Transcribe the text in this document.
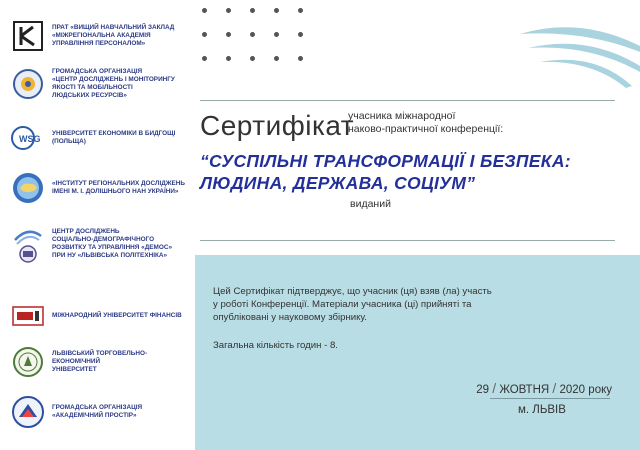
ПРАТ «ВИЩИЙ НАВЧАЛЬНИЙ ЗАКЛАД
«МІЖРЕГІОНАЛЬНА АКАДЕМІЯ
УПРАВЛІННЯ ПЕРСОНАЛОМ»
ГРОМАДСЬКА ОРГАНІЗАЦІЯ
«ЦЕНТР ДОСЛІДЖЕНЬ І МОНІТОРИНГУ
ЯКОСТІ ТА МОБІЛЬНОСТІ
ЛЮДСЬКИХ РЕСУРСІВ»
WSG
УНІВЕРСИТЕТ ЕКОНОМІКИ В БИДГОЩІ
(ПОЛЬЩА)
«ІНСТИТУТ РЕГІОНАЛЬНИХ ДОСЛІДЖЕНЬ
ІМЕНІ М. І. ДОЛІШНЬОГО НАН УКРАЇНИ»
ЦЕНТР ДОСЛІДЖЕНЬ
СОЦІАЛЬНО-ДЕМОГРАФІЧНОГО
РОЗВИТКУ ТА УПРАВЛІННЯ «ДЕМОС»
ПРИ НУ «ЛЬВІВСЬКА ПОЛІТЕХНІКА»
МІЖНАРОДНИЙ УНІВЕРСИТЕТ ФІНАНСІВ
ЛЬВІВСЬКИЙ ТОРГОВЕЛЬНО-ЕКОНОМІЧНИЙ
УНІВЕРСИТЕТ
ГРОМАДСЬКА ОРГАНІЗАЦІЯ
«АКАДЕМІЧНИЙ ПРОСТІР»
Сертифікат
учасника міжнародної
наково-практичної конференції:
“СУСПІЛЬНІ ТРАНСФОРМАЦІЇ І БЕЗПЕКА:
ЛЮДИНА, ДЕРЖАВА, СОЦІУМ”
виданий
Цей Сертифікат підтверджує, що учасник (ця) взяв (ла) участь
у роботі Конференції. Матеріали учасника (ці) прийняті та
опубліковані у науковому збірнику.
Загальна кількість годин - 8.
29 / ЖОВТНЯ / 2020 року
м. ЛЬВІВ
